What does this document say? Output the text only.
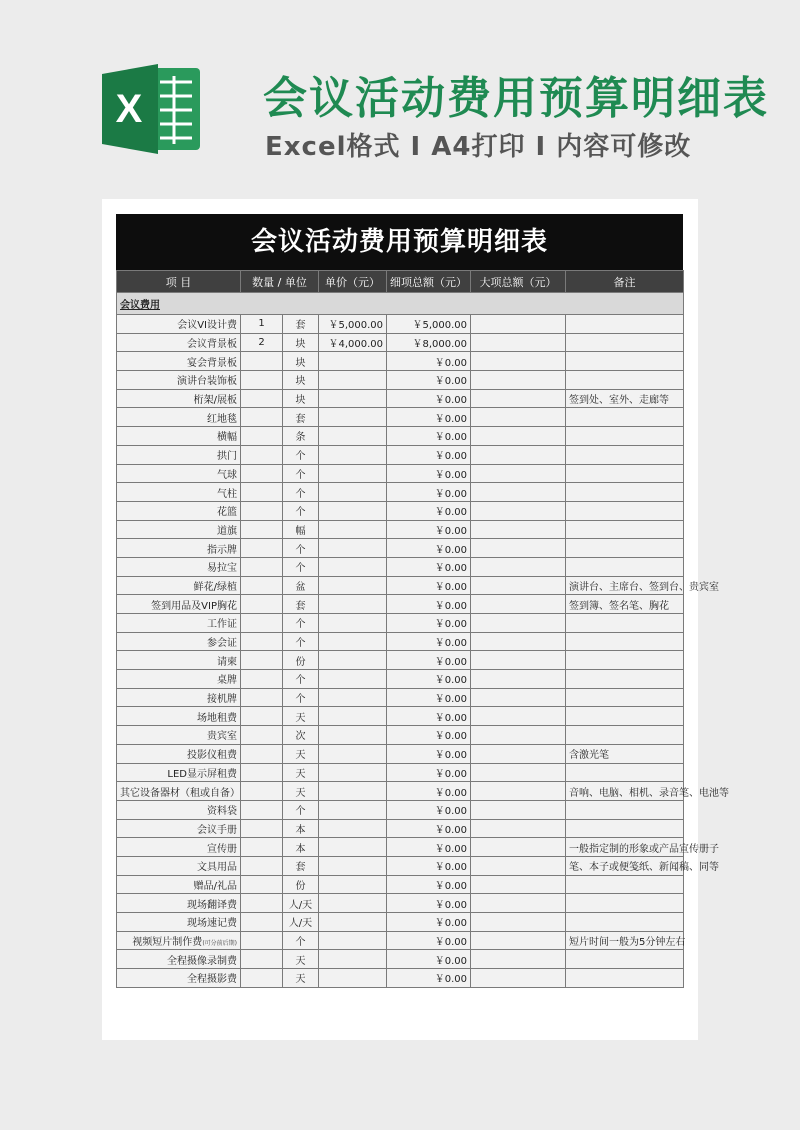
X	会议活动费用预算明细表
Excel格式 I A4打印 I 内容可修改
会议活动费用预算明细表
项 目	数量 / 单位		单价（元）	细项总额（元）	大项总额（元）	备注
会议费用						
会议VI设计费	1	套	￥5,000.00	￥5,000.00		
会议背景板	2	块	￥4,000.00	￥8,000.00		
宴会背景板		块		￥0.00		
演讲台装饰板		块		￥0.00		
桁架/展板		块		￥0.00		签到处、室外、走廊等
红地毯		套		￥0.00		
横幅		条		￥0.00		
拱门		个		￥0.00		
气球		个		￥0.00		
气柱		个		￥0.00		
花篮		个		￥0.00		
道旗		幅		￥0.00		
指示牌		个		￥0.00		
易拉宝		个		￥0.00		
鲜花/绿植		盆		￥0.00		演讲台、主席台、签到台、贵宾室
签到用品及VIP胸花		套		￥0.00		签到簿、签名笔、胸花
工作证		个		￥0.00		
参会证		个		￥0.00		
请柬		份		￥0.00		
桌牌		个		￥0.00		
接机牌		个		￥0.00		
场地租费		天		￥0.00		
贵宾室		次		￥0.00		
投影仪租费		天		￥0.00		含激光笔
LED显示屏租费		天		￥0.00		
其它设备器材（租或自备）		天		￥0.00		音响、电脑、相机、录音笔、电池等
资料袋		个		￥0.00		
会议手册		本		￥0.00		
宣传册		本		￥0.00		一般指定制的形象或产品宣传册子
文具用品		套		￥0.00		笔、本子或便笺纸、新闻稿、同等
赠品/礼品		份		￥0.00		
现场翻译费		人/天		￥0.00		
现场速记费		人/天		￥0.00		
视频短片制作费(可分前后期)		个		￥0.00		短片时间一般为5分钟左右
全程摄像录制费		天		￥0.00		
全程摄影费		天		￥0.00		
